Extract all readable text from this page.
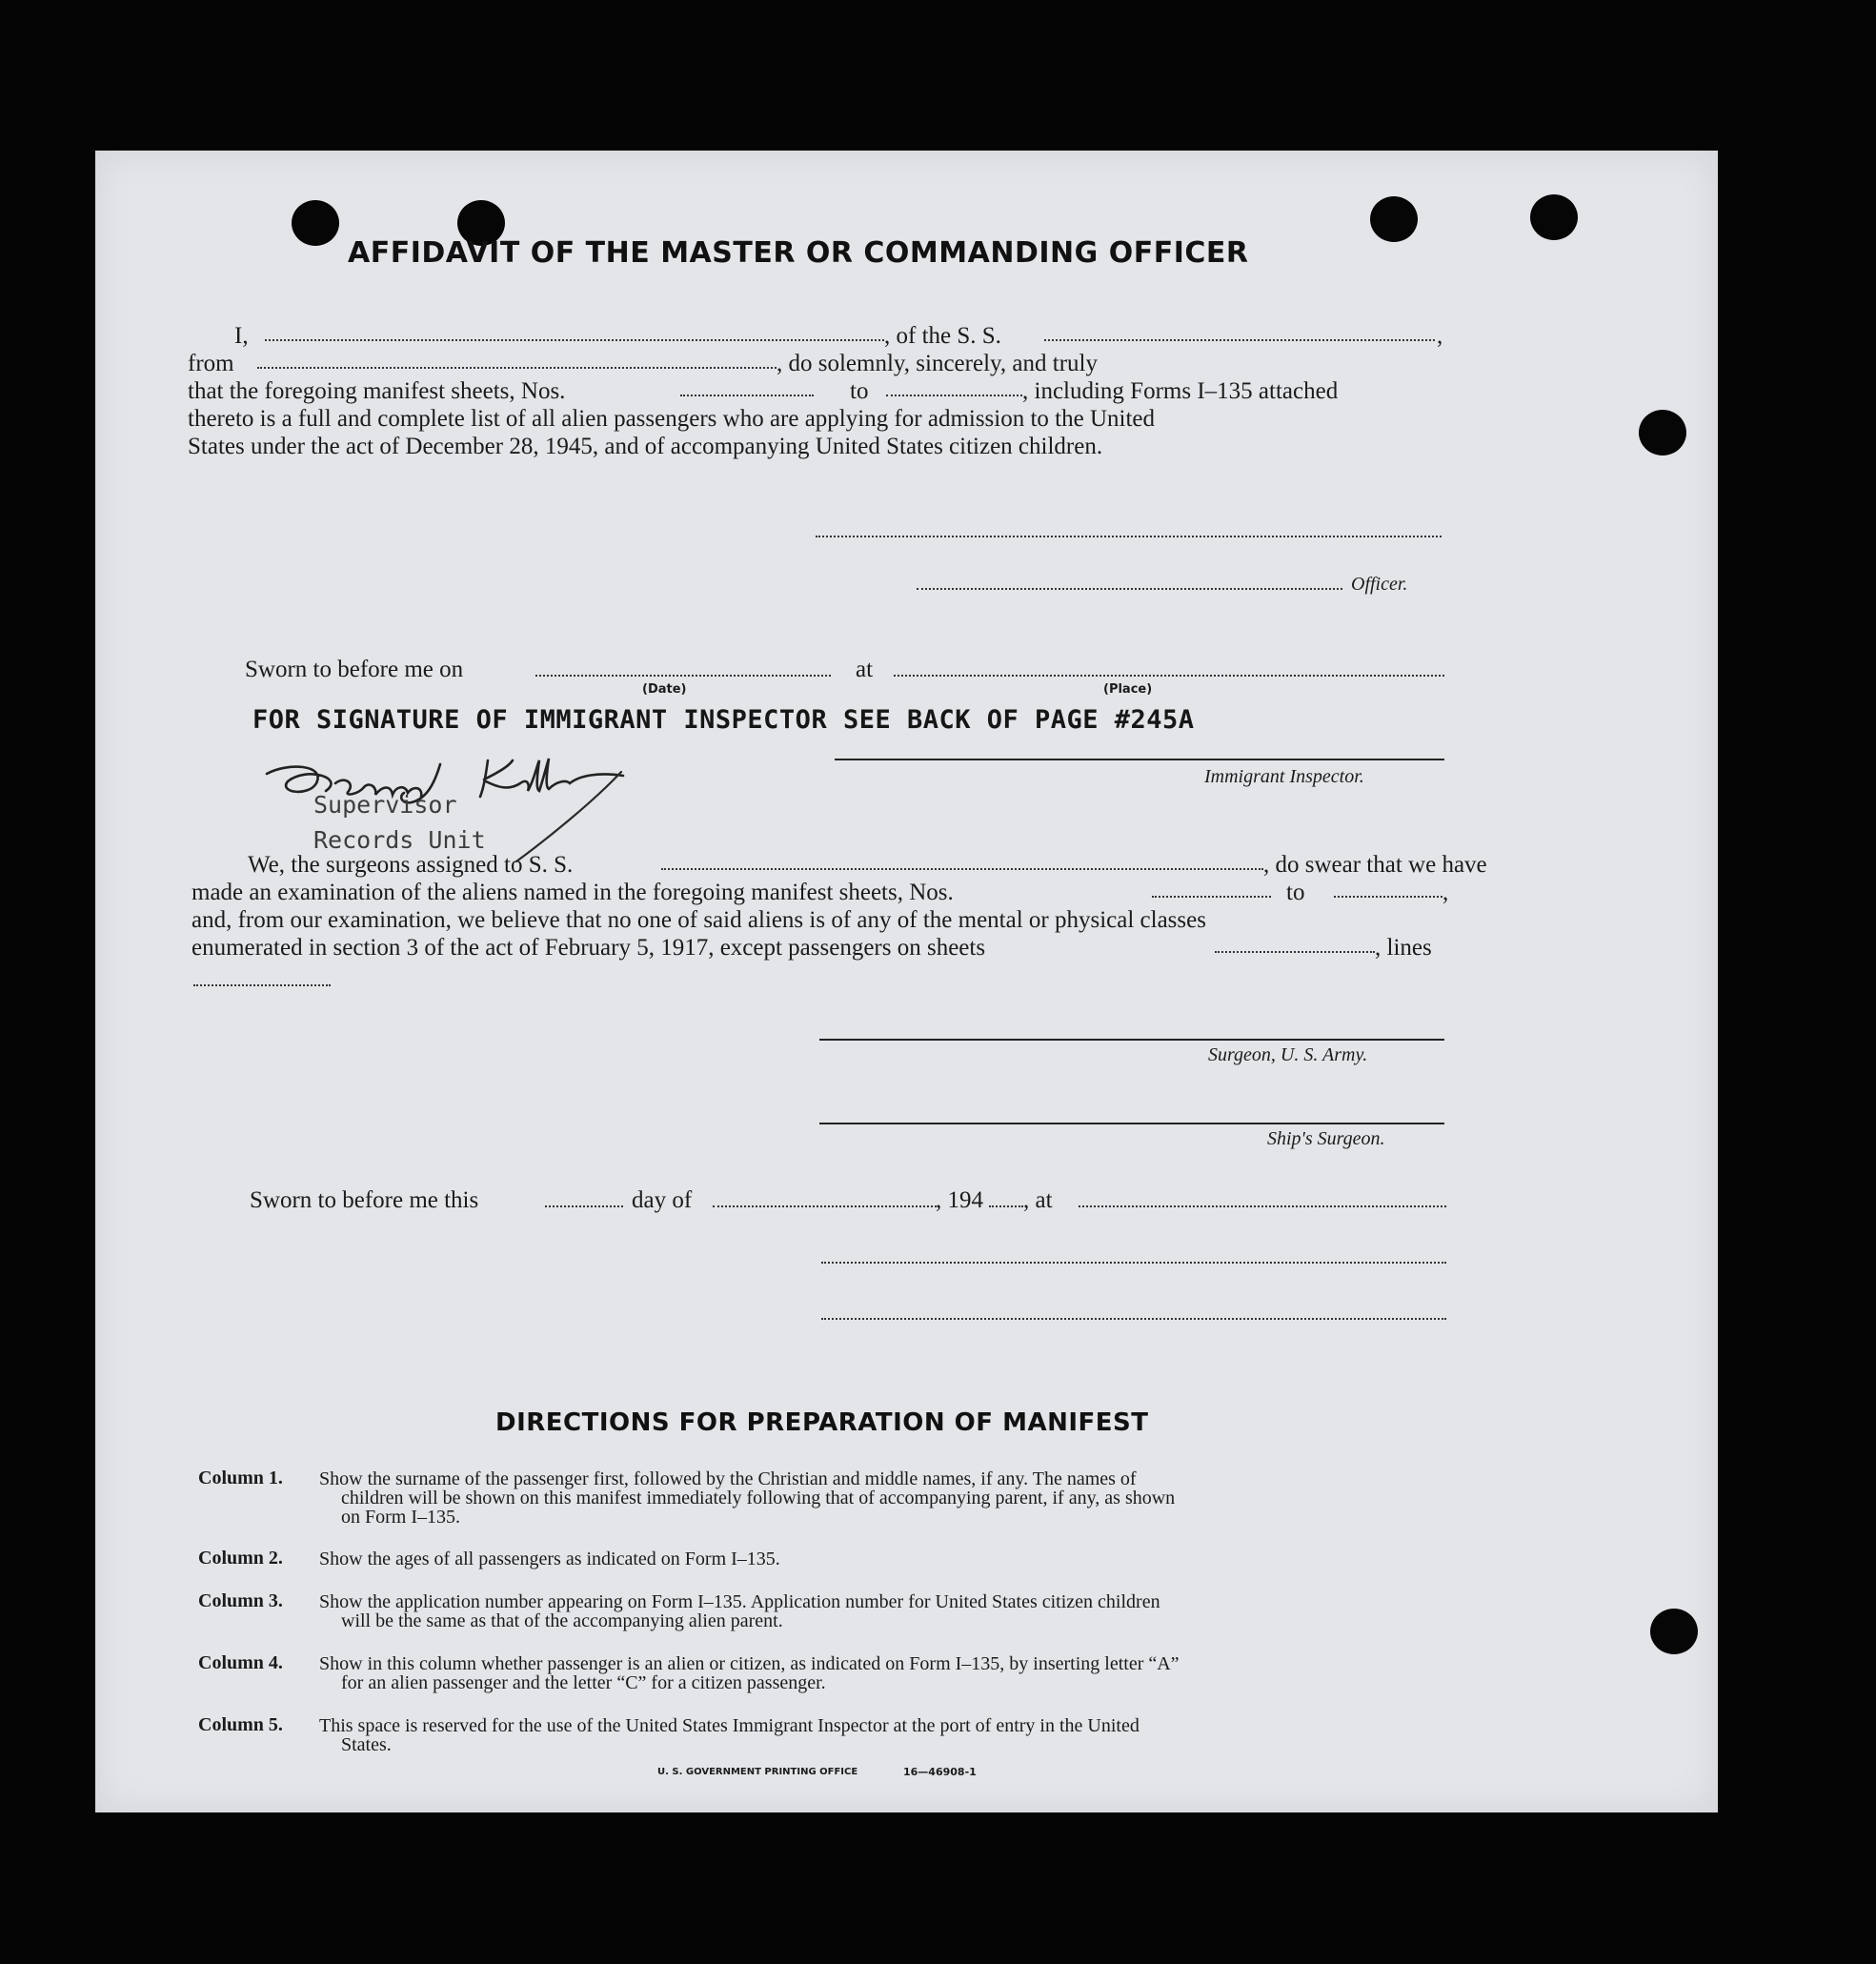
AFFIDAVIT OF THE MASTER OR COMMANDING OFFICER
I,	, of the S. S.	,
from	, do solemnly, sincerely, and truly
that the foregoing manifest sheets, Nos.	to	, including Forms I–135 attached
thereto is a full and complete list of all alien passengers who are applying for admission to the United
States under the act of December 28, 1945, and of accompanying United States citizen children.
Officer.
Sworn to before me on	at
(Date)	(Place)
FOR SIGNATURE OF IMMIGRANT INSPECTOR SEE BACK OF PAGE #245A
Immigrant Inspector.
Supervisor
Records Unit
We, the surgeons assigned to S. S.	, do swear that we have
made an examination of the aliens named in the foregoing manifest sheets, Nos.	to	,
and, from our examination, we believe that no one of said aliens is of any of the mental or physical classes
enumerated in section 3 of the act of February 5, 1917, except passengers on sheets	, lines
Surgeon, U. S. Army.
Ship's Surgeon.
Sworn to before me this	day of	, 194 , at
DIRECTIONS FOR PREPARATION OF MANIFEST
Column 1. Show the surname of the passenger first, followed by the Christian and middle names, if any. The names of
children will be shown on this manifest immediately following that of accompanying parent, if any, as shown
on Form I–135.
Column 2. Show the ages of all passengers as indicated on Form I–135.
Column 3. Show the application number appearing on Form I–135. Application number for United States citizen children
will be the same as that of the accompanying alien parent.
Column 4. Show in this column whether passenger is an alien or citizen, as indicated on Form I–135, by inserting letter “A”
for an alien passenger and the letter “C” for a citizen passenger.
Column 5. This space is reserved for the use of the United States Immigrant Inspector at the port of entry in the United
States.
U. S. GOVERNMENT PRINTING OFFICE	16—46908-1
